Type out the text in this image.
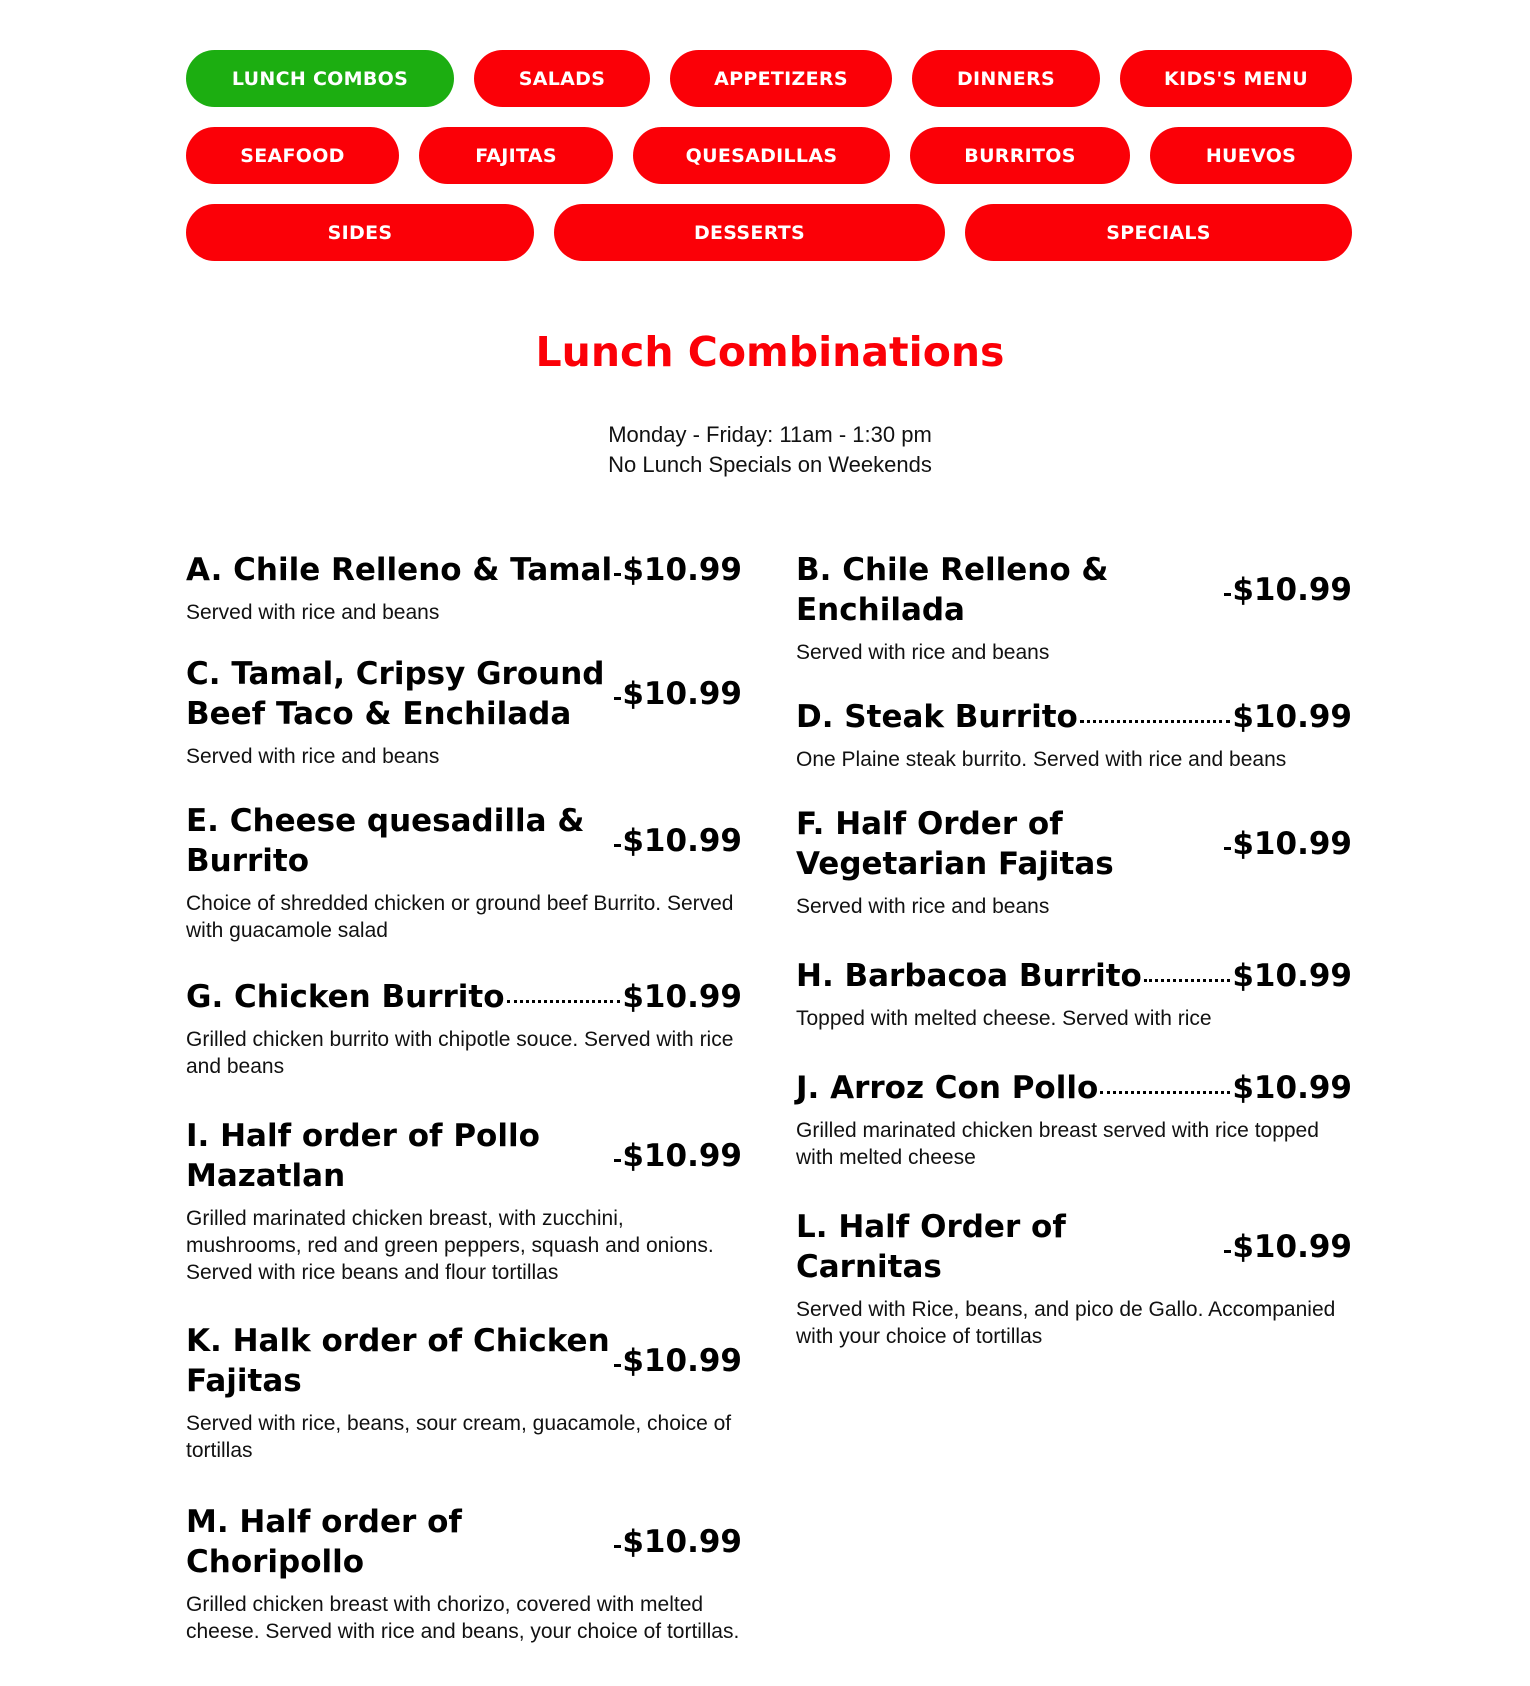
LUNCH COMBOS	SALADS	APPETIZERS	DINNERS	KIDS'S MENU
SEAFOOD	FAJITAS	QUESADILLAS	BURRITOS	HUEVOS
SIDES	DESSERTS	SPECIALS
Lunch Combinations
Monday - Friday: 11am - 1:30 pm
No Lunch Specials on Weekends
A. Chile Relleno & Tamal $10.99
Served with rice and beans
C. Tamal, Cripsy Ground Beef Taco & Enchilada
$10.99
Served with rice and beans
E. Cheese quesadilla & Burrito
$10.99
Choice of shredded chicken or ground beef Burrito. Served with guacamole salad
G. Chicken Burrito	$10.99
Grilled chicken burrito with chipotle souce. Served with rice and beans
I. Half order of Pollo Mazatlan
$10.99
Grilled marinated chicken breast, with zucchini, mushrooms, red and green peppers, squash and onions. Served with rice beans and flour tortillas
K. Halk order of Chicken Fajitas
$10.99
Served with rice, beans, sour cream, guacamole, choice of tortillas
M. Half order of Choripollo
$10.99
Grilled chicken breast with chorizo, covered with melted cheese. Served with rice and beans, your choice of tortillas.
B. Chile Relleno & Enchilada
$10.99
Served with rice and beans
D. Steak Burrito	$10.99
One Plaine steak burrito. Served with rice and beans
F. Half Order of Vegetarian Fajitas
$10.99
Served with rice and beans
H. Barbacoa Burrito	$10.99
Topped with melted cheese. Served with rice
J. Arroz Con Pollo	$10.99
Grilled marinated chicken breast served with rice topped with melted cheese
L. Half Order of Carnitas
$10.99
Served with Rice, beans, and pico de Gallo. Accompanied with your choice of tortillas
